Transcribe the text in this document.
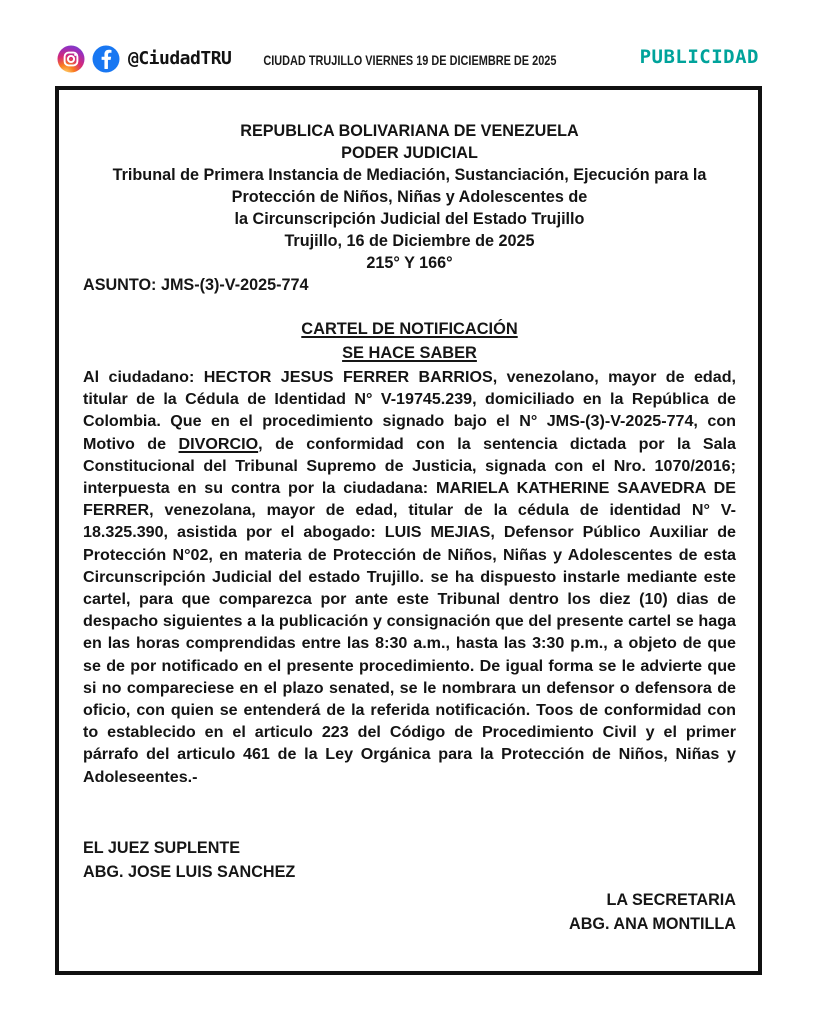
@CiudadTRU	CIUDAD TRUJILLO VIERNES 19 DE DICIEMBRE DE 2025	PUBLICIDAD
REPUBLICA BOLIVARIANA DE VENEZUELA
PODER JUDICIAL
Tribunal de Primera Instancia de Mediación, Sustanciación, Ejecución para la
Protección de Niños, Niñas y Adolescentes de
la Circunscripción Judicial del Estado Trujillo
Trujillo, 16 de Diciembre de 2025
215° Y 166°
ASUNTO: JMS-(3)-V-2025-774
CARTEL DE NOTIFICACIÓN
SE HACE SABER

Al ciudadano: HECTOR JESUS FERRER BARRIOS, venezolano, mayor de edad, titular de la Cédula de Identidad N° V-19745.239, domiciliado en la República de Colombia. Que en el procedimiento signado bajo el N° JMS-(3)-V-2025-774, con Motivo de DIVORCIO, de conformidad con la sentencia dictada por la Sala Constitucional del Tribunal Supremo de Justicia, signada con el Nro. 1070/2016; interpuesta en su contra por la ciudadana: MARIELA KATHERINE SAAVEDRA DE FERRER, venezolana, mayor de edad, titular de la cédula de identidad N° V-18.325.390, asistida por el abogado: LUIS MEJIAS, Defensor Público Auxiliar de Protección N°02, en materia de Protección de Niños, Niñas y Adolescentes de esta Circunscripción Judicial del estado Trujillo. se ha dispuesto instarle mediante este cartel, para que comparezca por ante este Tribunal dentro los diez (10) dias de despacho siguientes a la publicación y consignación que del presente cartel se haga en las horas comprendidas entre las 8:30 a.m., hasta las 3:30 p.m., a objeto de que se de por notificado en el presente procedimiento. De igual forma se le advierte que si no compareciese en el plazo senated, se le nombrara un defensor o defensora de oficio, con quien se entenderá de la referida notificación. Toos de conformidad con to establecido en el articulo 223 del Código de Procedimiento Civil y el primer párrafo del articulo 461 de la Ley Orgánica para la Protección de Niños, Niñas y Adoleseentes.-

EL JUEZ SUPLENTE
ABG. JOSE LUIS SANCHEZ
LA SECRETARIA
ABG. ANA MONTILLA
